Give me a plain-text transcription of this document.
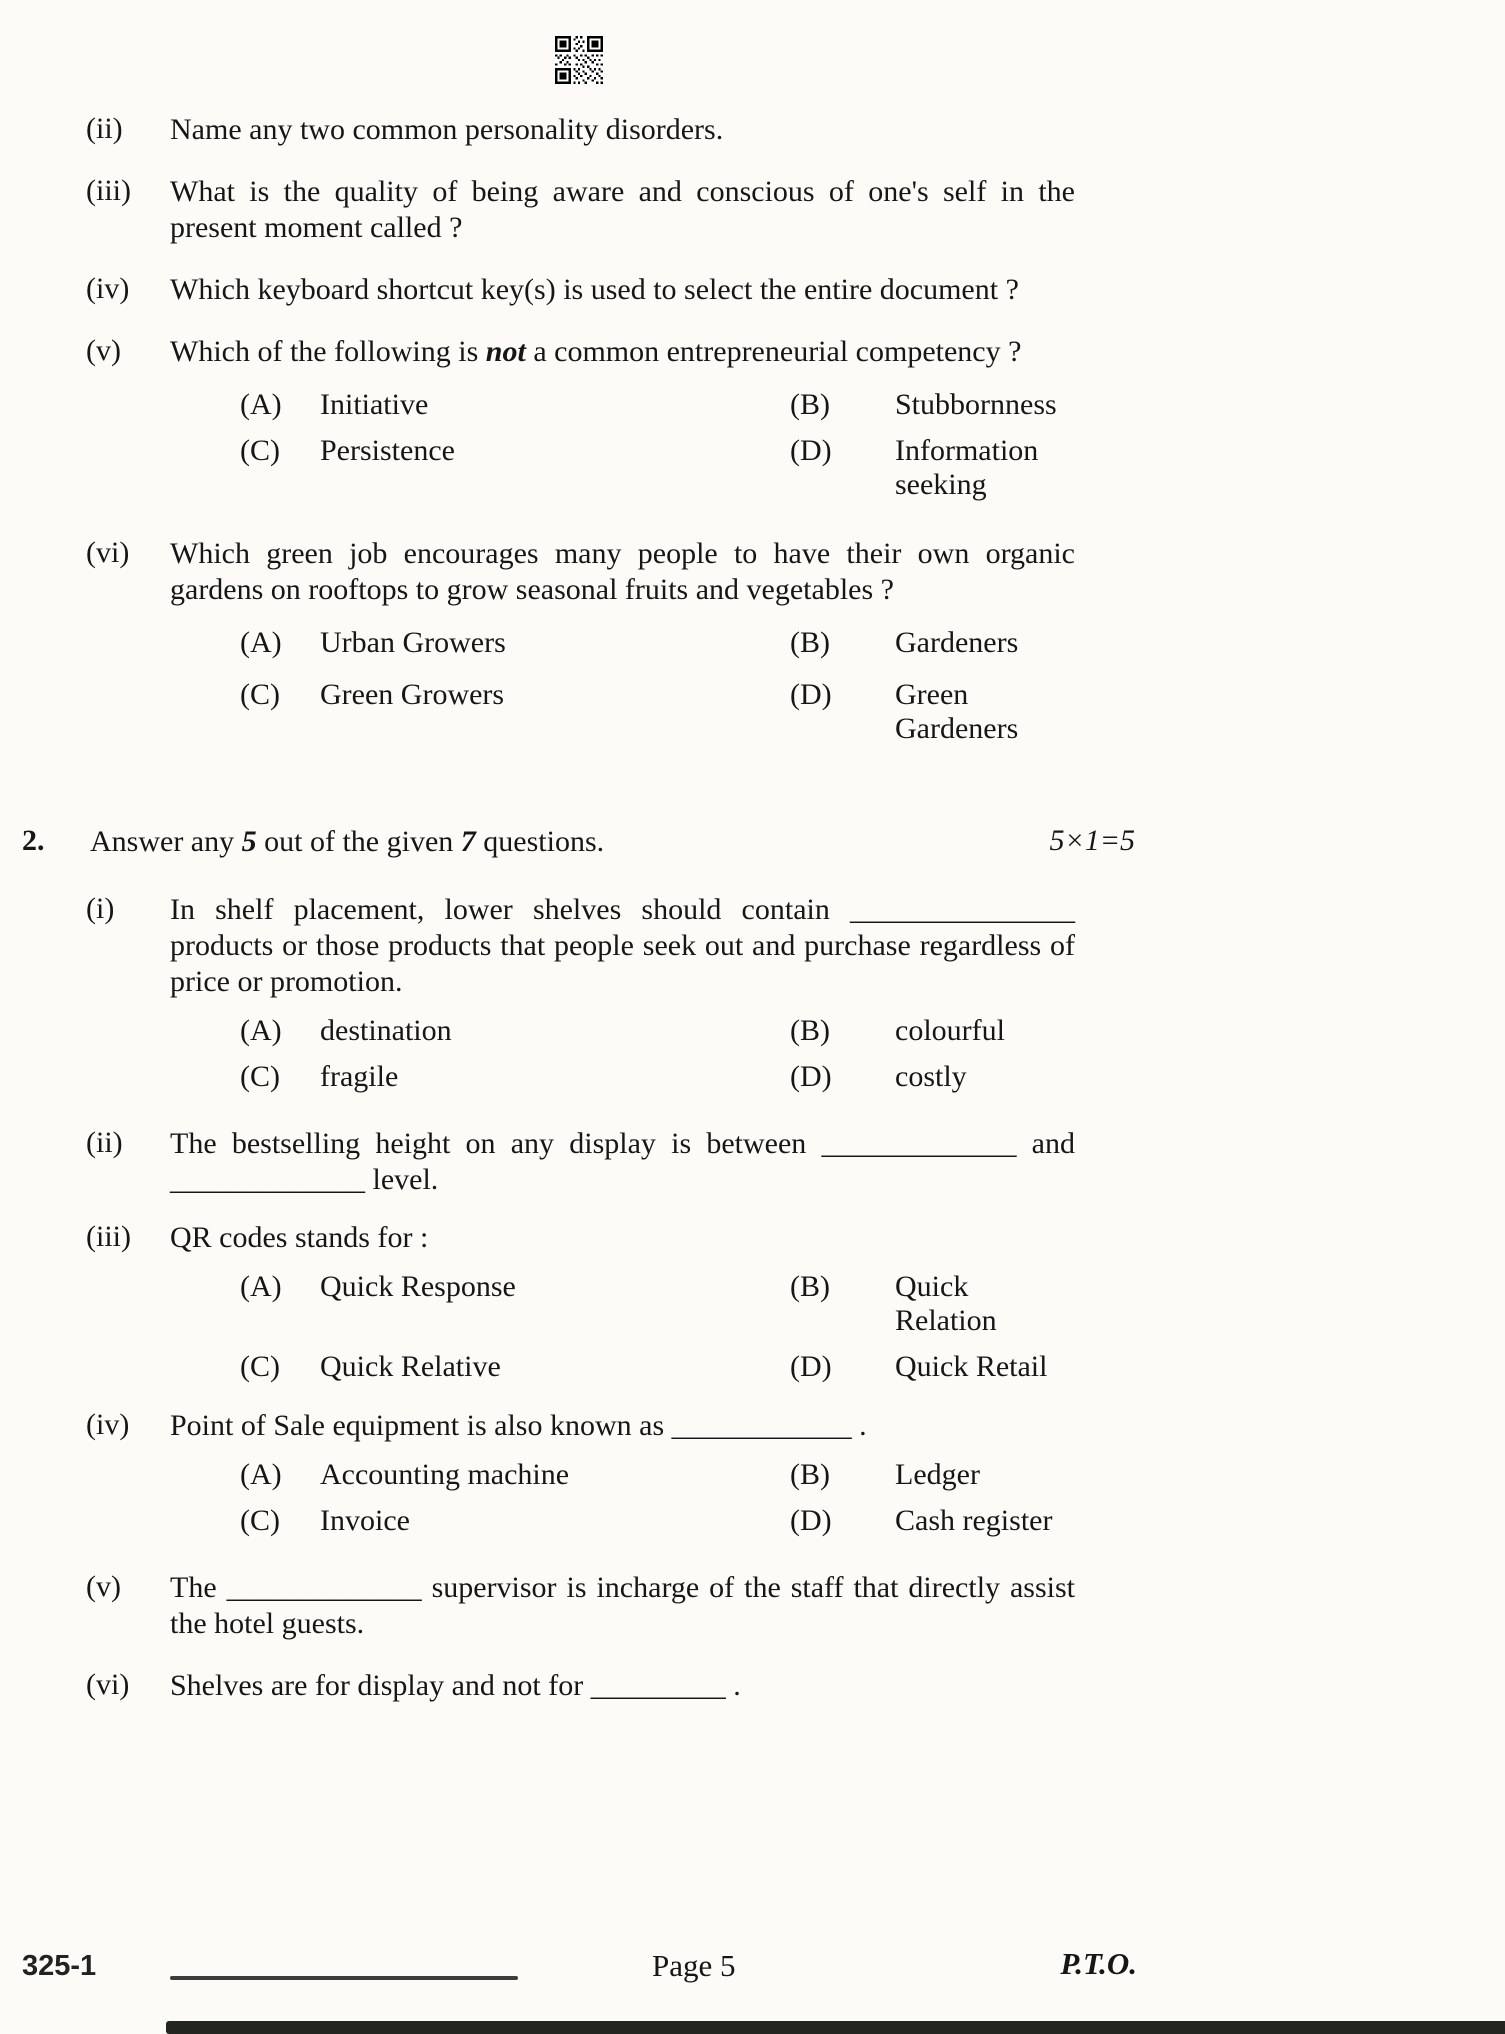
(ii)	Name any two common personality disorders.

(iii)	What is the quality of being aware and conscious of one's self in the present moment called ?

(iv)	Which keyboard shortcut key(s) is used to select the entire document ?

(v)	Which of the following is not a common entrepreneurial competency ?

(A)	Initiative	(B)	Stubbornness
(C)	Persistence	(D)	Information seeking
(vi)	Which green job encourages many people to have their own organic gardens on rooftops to grow seasonal fruits and vegetables ?

(A)	Urban Growers	(B)	Gardeners
(C)	Green Growers	(D)	Green Gardeners
2.	Answer any 5 out of the given 7 questions.	5×1=5
(i)	In shelf placement, lower shelves should contain _______________ products or those products that people seek out and purchase regardless of price or promotion.

(A)	destination	(B)	colourful
(C)	fragile	(D)	costly
(ii)	The bestselling height on any display is between _____________ and _____________ level.

(iii)	QR codes stands for :

(A)	Quick Response	(B)	Quick Relation
(C)	Quick Relative	(D)	Quick Retail
(iv)	Point of Sale equipment is also known as ____________ .

(A)	Accounting machine	(B)	Ledger
(C)	Invoice	(D)	Cash register
(v)	The _____________ supervisor is incharge of the staff that directly assist the hotel guests.

(vi)	Shelves are for display and not for _________ .

325-1	Page 5	P.T.O.
